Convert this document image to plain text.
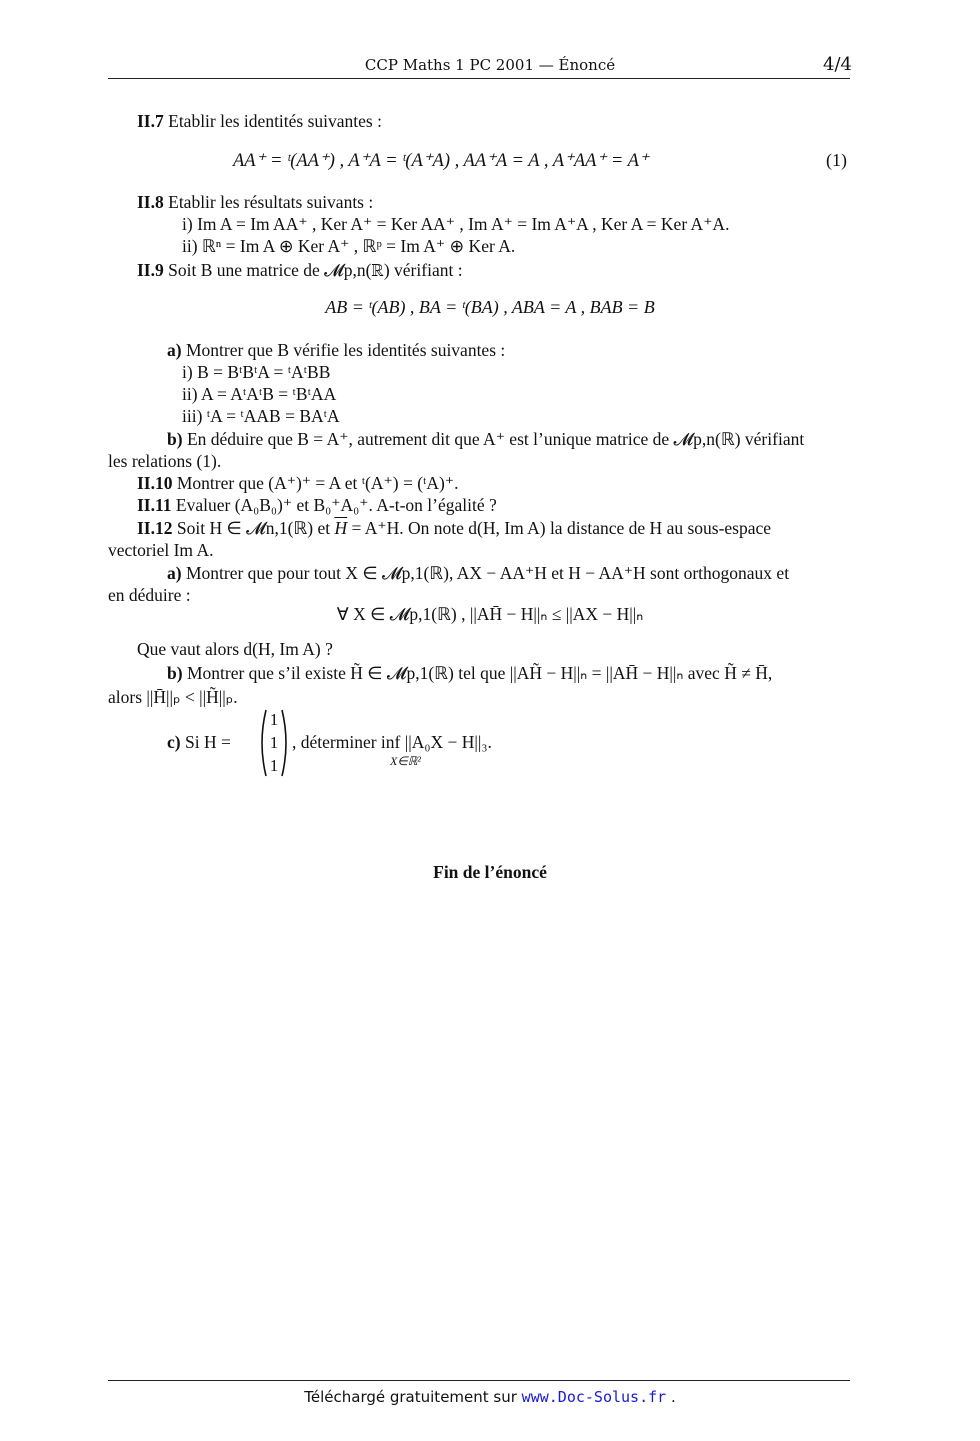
CCP Maths 1 PC 2001 — Énoncé	4/4
II.7 Etablir les identités suivantes :
AA⁺ = ᵗ(AA⁺) , A⁺A = ᵗ(A⁺A) , AA⁺A = A , A⁺AA⁺ = A⁺	(1)
II.8 Etablir les résultats suivants :
i) Im A = Im AA⁺ , Ker A⁺ = Ker AA⁺ , Im A⁺ = Im A⁺A , Ker A = Ker A⁺A.
ii) ℝⁿ = Im A ⊕ Ker A⁺ , ℝᵖ = Im A⁺ ⊕ Ker A.
II.9 Soit B une matrice de 𝓜p,n(ℝ) vérifiant :
AB = ᵗ(AB) , BA = ᵗ(BA) , ABA = A , BAB = B
a) Montrer que B vérifie les identités suivantes :
i) B = BᵗBᵗA = ᵗAᵗBB
ii) A = AᵗAᵗB = ᵗBᵗAA
iii) ᵗA = ᵗAAB = BAᵗA
b) En déduire que B = A⁺, autrement dit que A⁺ est l’unique matrice de 𝓜p,n(ℝ) vérifiant
les relations (1).
II.10 Montrer que (A⁺)⁺ = A et ᵗ(A⁺) = (ᵗA)⁺.
II.11 Evaluer (A₀B₀)⁺ et B₀⁺A₀⁺. A-t-on l’égalité ?
II.12 Soit H ∈ 𝓜n,1(ℝ) et $\overline{H} = A^+H$. On note d(H, Im A) la distance de H au sous-espace
vectoriel Im A.
a) Montrer que pour tout X ∈ 𝓜p,1(ℝ), AX − AA⁺H et H − AA⁺H sont orthogonaux et
en déduire :
∀ X ∈ 𝓜p,1(ℝ) , ||AH̄ − H||ₙ ≤ ||AX − H||ₙ
Que vaut alors d(H, Im A) ?
b) Montrer que s’il existe H̃ ∈ 𝓜p,1(ℝ) tel que ||AH̃ − H||ₙ = ||AH̄ − H||ₙ avec H̃ ≠ H̄,
alors ||H̄||ₚ < ||H̃||ₚ.
c) Si H =
1
1
1
, déterminer inf ||A₀X − H||₃.
X∈ℝ²
Fin de l’énoncé
Téléchargé gratuitement sur www.Doc-Solus.fr .
